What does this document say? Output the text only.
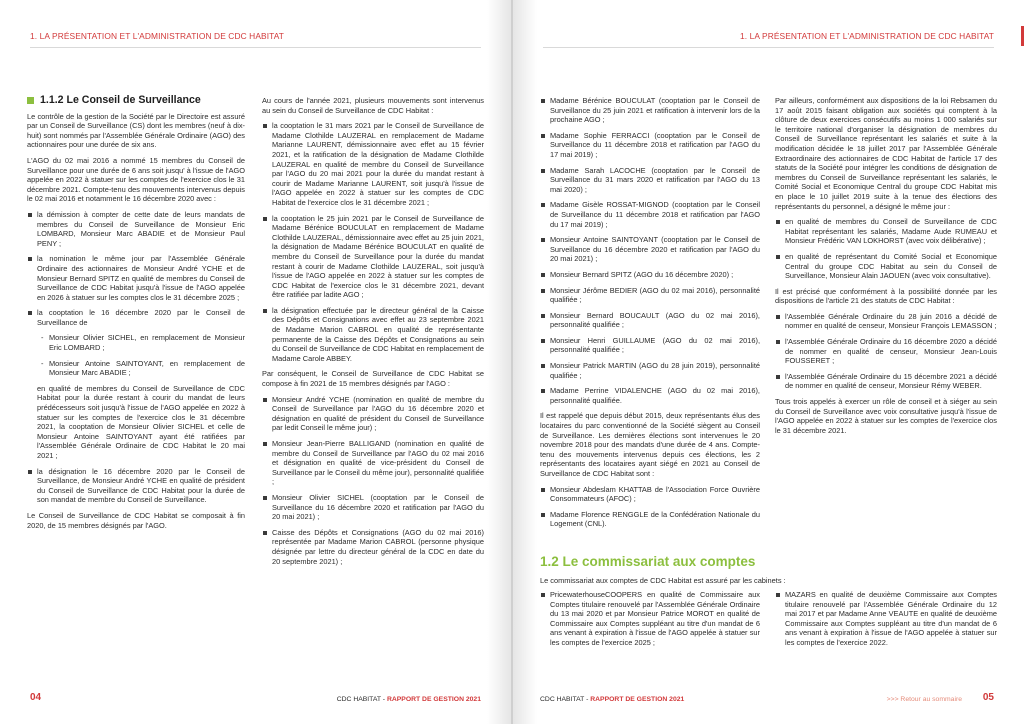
1. LA PRÉSENTATION ET L'ADMINISTRATION DE CDC HABITAT
1.1.2 Le Conseil de Surveillance

Le contrôle de la gestion de la Société par le Directoire est assuré par un Conseil de Surveillance (CS) dont les membres (neuf à dix-huit) sont nommés par l'Assemblée Générale Ordinaire (AGO) des actionnaires pour une durée de six ans.

L'AGO du 02 mai 2016 a nommé 15 membres du Conseil de Surveillance pour une durée de 6 ans soit jusqu' à l'issue de l'AGO appelée en 2022 à statuer sur les comptes de l'exercice clos le 31 décembre 2021. Compte-tenu des mouvements intervenus depuis le 02 mai 2016 et notamment le 16 décembre 2020 avec :

la démission à compter de cette date de leurs mandats de membres du Conseil de Surveillance de Monsieur Eric LOMBARD, Monsieur Marc ABADIE et de Monsieur Paul PENY ;
la nomination le même jour par l'Assemblée Générale Ordinaire des actionnaires de Monsieur André YCHE et de Monsieur Bernard SPITZ en qualité de membres du Conseil de Surveillance de CDC Habitat jusqu'à l'issue de l'AGO appelée en 2026 à statuer sur les comptes clos le 31 décembre 2025 ;
la cooptation le 16 décembre 2020 par le Conseil de Surveillance de
- Monsieur Olivier SICHEL, en remplacement de Monsieur Eric LOMBARD ;
- Monsieur Antoine SAINTOYANT, en remplacement de Monsieur Marc ABADIE ;

en qualité de membres du Conseil de Surveillance de CDC Habitat pour la durée restant à courir du mandat de leurs prédécesseurs soit jusqu'à l'issue de l'AGO appelée en 2022 à statuer sur les comptes de l'exercice clos le 31 décembre 2021, la cooptation de Monsieur Olivier SICHEL et celle de Monsieur Antoine SAINTOYANT ayant été ratifiées par l'Assemblée Générale Ordinaire de CDC Habitat le 20 mai 2021 ;

la désignation le 16 décembre 2020 par le Conseil de Surveillance, de Monsieur André YCHE en qualité de président du Conseil de Surveillance de CDC Habitat pour la durée de son mandat de membre du Conseil de Surveillance.

Le Conseil de Surveillance de CDC Habitat se composait à fin 2020, de 15 membres désignés par l'AGO.

Au cours de l'année 2021, plusieurs mouvements sont intervenus au sein du Conseil de Surveillance de CDC Habitat :

la cooptation le 31 mars 2021 par le Conseil de Surveillance de Madame Clothilde LAUZERAL en remplacement de Madame Marianne LAURENT, démissionnaire avec effet au 15 février 2021, et la ratification de la désignation de Madame Clothilde LAUZERAL en qualité de membre du Conseil de Surveillance par l'AGO du 20 mai 2021 pour la durée du mandat restant à courir de Madame Marianne LAURENT, soit jusqu'à l'issue de l'AGO appelée en 2022 à statuer sur les comptes de CDC Habitat de l'exercice clos le 31 décembre 2021 ;
la cooptation le 25 juin 2021 par le Conseil de Surveillance de Madame Bérénice BOUCULAT en remplacement de Madame Clothilde LAUZERAL, démissionnaire avec effet au 25 juin 2021, la désignation de Madame Bérénice BOUCULAT en qualité de membre du Conseil de Surveillance pour la durée du mandat restant à courir de Madame Clothilde LAUZERAL, soit jusqu'à l'issue de l'AGO appelée en 2022 à statuer sur les comptes de CDC Habitat de l'exercice clos le 31 décembre 2021, devant être ratifiée par ladite AGO ;
la désignation effectuée par le directeur général de la Caisse des Dépôts et Consignations avec effet au 23 septembre 2021 de Madame Marion CABROL en qualité de représentante permanente de la Caisse des Dépôts et Consignations au sein du Conseil de Surveillance de CDC Habitat en remplacement de Madame Carole ABBEY.

Par conséquent, le Conseil de Surveillance de CDC Habitat se compose à fin 2021 de 15 membres désignés par l'AGO :

Monsieur André YCHE (nomination en qualité de membre du Conseil de Surveillance par l'AGO du 16 décembre 2020 et désignation en qualité de président du Conseil de Surveillance par ledit Conseil le même jour) ;
Monsieur Jean-Pierre BALLIGAND (nomination en qualité de membre du Conseil de Surveillance par l'AGO du 02 mai 2016 et désignation en qualité de vice-président du Conseil de Surveillance par le Conseil du même jour), personnalité qualifiée ;
Monsieur Olivier SICHEL (cooptation par le Conseil de Surveillance du 16 décembre 2020 et ratification par l'AGO du 20 mai 2021) ;
Caisse des Dépôts et Consignations (AGO du 02 mai 2016) représentée par Madame Marion CABROL (personne physique désignée par lettre du directeur général de la CDC en date du 20 septembre 2021) ;
04	CDC HABITAT - RAPPORT DE GESTION 2021
1. LA PRÉSENTATION ET L'ADMINISTRATION DE CDC HABITAT
Madame Bérénice BOUCULAT (cooptation par le Conseil de Surveillance du 25 juin 2021 et ratification à intervenir lors de la prochaine AGO ;
Madame Sophie FERRACCI (cooptation par le Conseil de Surveillance du 11 décembre 2018 et ratification par l'AGO du 17 mai 2019) ;
Madame Sarah LACOCHE (cooptation par le Conseil de Surveillance du 31 mars 2020 et ratification par l'AGO du 13 mai 2020) ;
Madame Gisèle ROSSAT-MIGNOD (cooptation par le Conseil de Surveillance du 11 décembre 2018 et ratification par l'AGO du 17 mai 2019) ;
Monsieur Antoine SAINTOYANT (cooptation par le Conseil de Surveillance du 16 décembre 2020 et ratification par l'AGO du 20 mai 2021) ;
Monsieur Bernard SPITZ (AGO du 16 décembre 2020) ;
Monsieur Jérôme BEDIER (AGO du 02 mai 2016), personnalité qualifiée ;
Monsieur Bernard BOUCAULT (AGO du 02 mai 2016), personnalité qualifiée ;
Monsieur Henri GUILLAUME (AGO du 02 mai 2016), personnalité qualifiée ;
Monsieur Patrick MARTIN (AGO du 28 juin 2019), personnalité qualifiée ;
Madame Perrine VIDALENCHE (AGO du 02 mai 2016), personnalité qualifiée.

Il est rappelé que depuis début 2015, deux représentants élus des locataires du parc conventionné de la Société siègent au Conseil de Surveillance. Les dernières élections sont intervenues le 20 novembre 2018 pour des mandats d'une durée de 4 ans. Compte-tenu des mouvements intervenus depuis ces élections, les 2 représentants des locataires ayant siégé en 2021 au Conseil de Surveillance de CDC Habitat sont :

Monsieur Abdeslam KHATTAB de l'Association Force Ouvrière Consommateurs (AFOC) ;
Madame Florence RENGGLE de la Confédération Nationale du Logement (CNL).

Par ailleurs, conformément aux dispositions de la loi Rebsamen du 17 août 2015 faisant obligation aux sociétés qui comptent à la clôture de deux exercices consécutifs au moins 1 000 salariés sur le territoire national d'organiser la désignation de membres du Conseil de Surveillance représentant les salariés et suite à la modification décidée le 18 juillet 2017 par l'Assemblée Générale Extraordinaire des actionnaires de CDC Habitat de l'article 17 des statuts de la Société pour intégrer les conditions de désignation de membres du Conseil de Surveillance représentant les salariés, le Comité Social et Economique Central du groupe CDC Habitat mis en place le 10 juillet 2019 suite à la tenue des élections des représentants du personnel, a désigné le même jour :

en qualité de membres du Conseil de Surveillance de CDC Habitat représentant les salariés, Madame Aude RUMEAU et Monsieur Frédéric VAN LOKHORST (avec voix délibérative) ;
en qualité de représentant du Comité Social et Economique Central du groupe CDC Habitat au sein du Conseil de Surveillance, Monsieur Alain JAOUEN (avec voix consultative).

Il est précisé que conformément à la possibilité donnée par les dispositions de l'article 21 des statuts de CDC Habitat :

l'Assemblée Générale Ordinaire du 28 juin 2016 a décidé de nommer en qualité de censeur, Monsieur François LEMASSON ;
l'Assemblée Générale Ordinaire du 16 décembre 2020 a décidé de nommer en qualité de censeur, Monsieur Jean-Louis FOUSSERET ;
l'Assemblée Générale Ordinaire du 15 décembre 2021 a décidé de nommer en qualité de censeur, Monsieur Rémy WEBER.

Tous trois appelés à exercer un rôle de conseil et à siéger au sein du Conseil de Surveillance avec voix consultative jusqu'à l'issue de l'AGO appelée en 2022 à statuer sur les comptes de l'exercice clos le 31 décembre 2021.

1.2 Le commissariat aux comptes

Le commissariat aux comptes de CDC Habitat est assuré par les cabinets :

PricewaterhouseCOOPERS en qualité de Commissaire aux Comptes titulaire renouvelé par l'Assemblée Générale Ordinaire du 13 mai 2020 et par Monsieur Patrice MOROT en qualité de Commissaire aux Comptes suppléant au titre d'un mandat de 6 ans venant à expiration à l'issue de l'AGO appelée à statuer sur les comptes de l'exercice 2025 ;
MAZARS en qualité de deuxième Commissaire aux Comptes titulaire renouvelé par l'Assemblée Générale Ordinaire du 12 mai 2017 et par Madame Anne VEAUTE en qualité de deuxième Commissaire aux Comptes suppléant au titre d'un mandat de 6 ans venant à expiration à l'issue de l'AGO appelée à statuer sur les comptes de l'exercice 2022.
CDC HABITAT - RAPPORT DE GESTION 2021	>>> Retour au sommaire 05
